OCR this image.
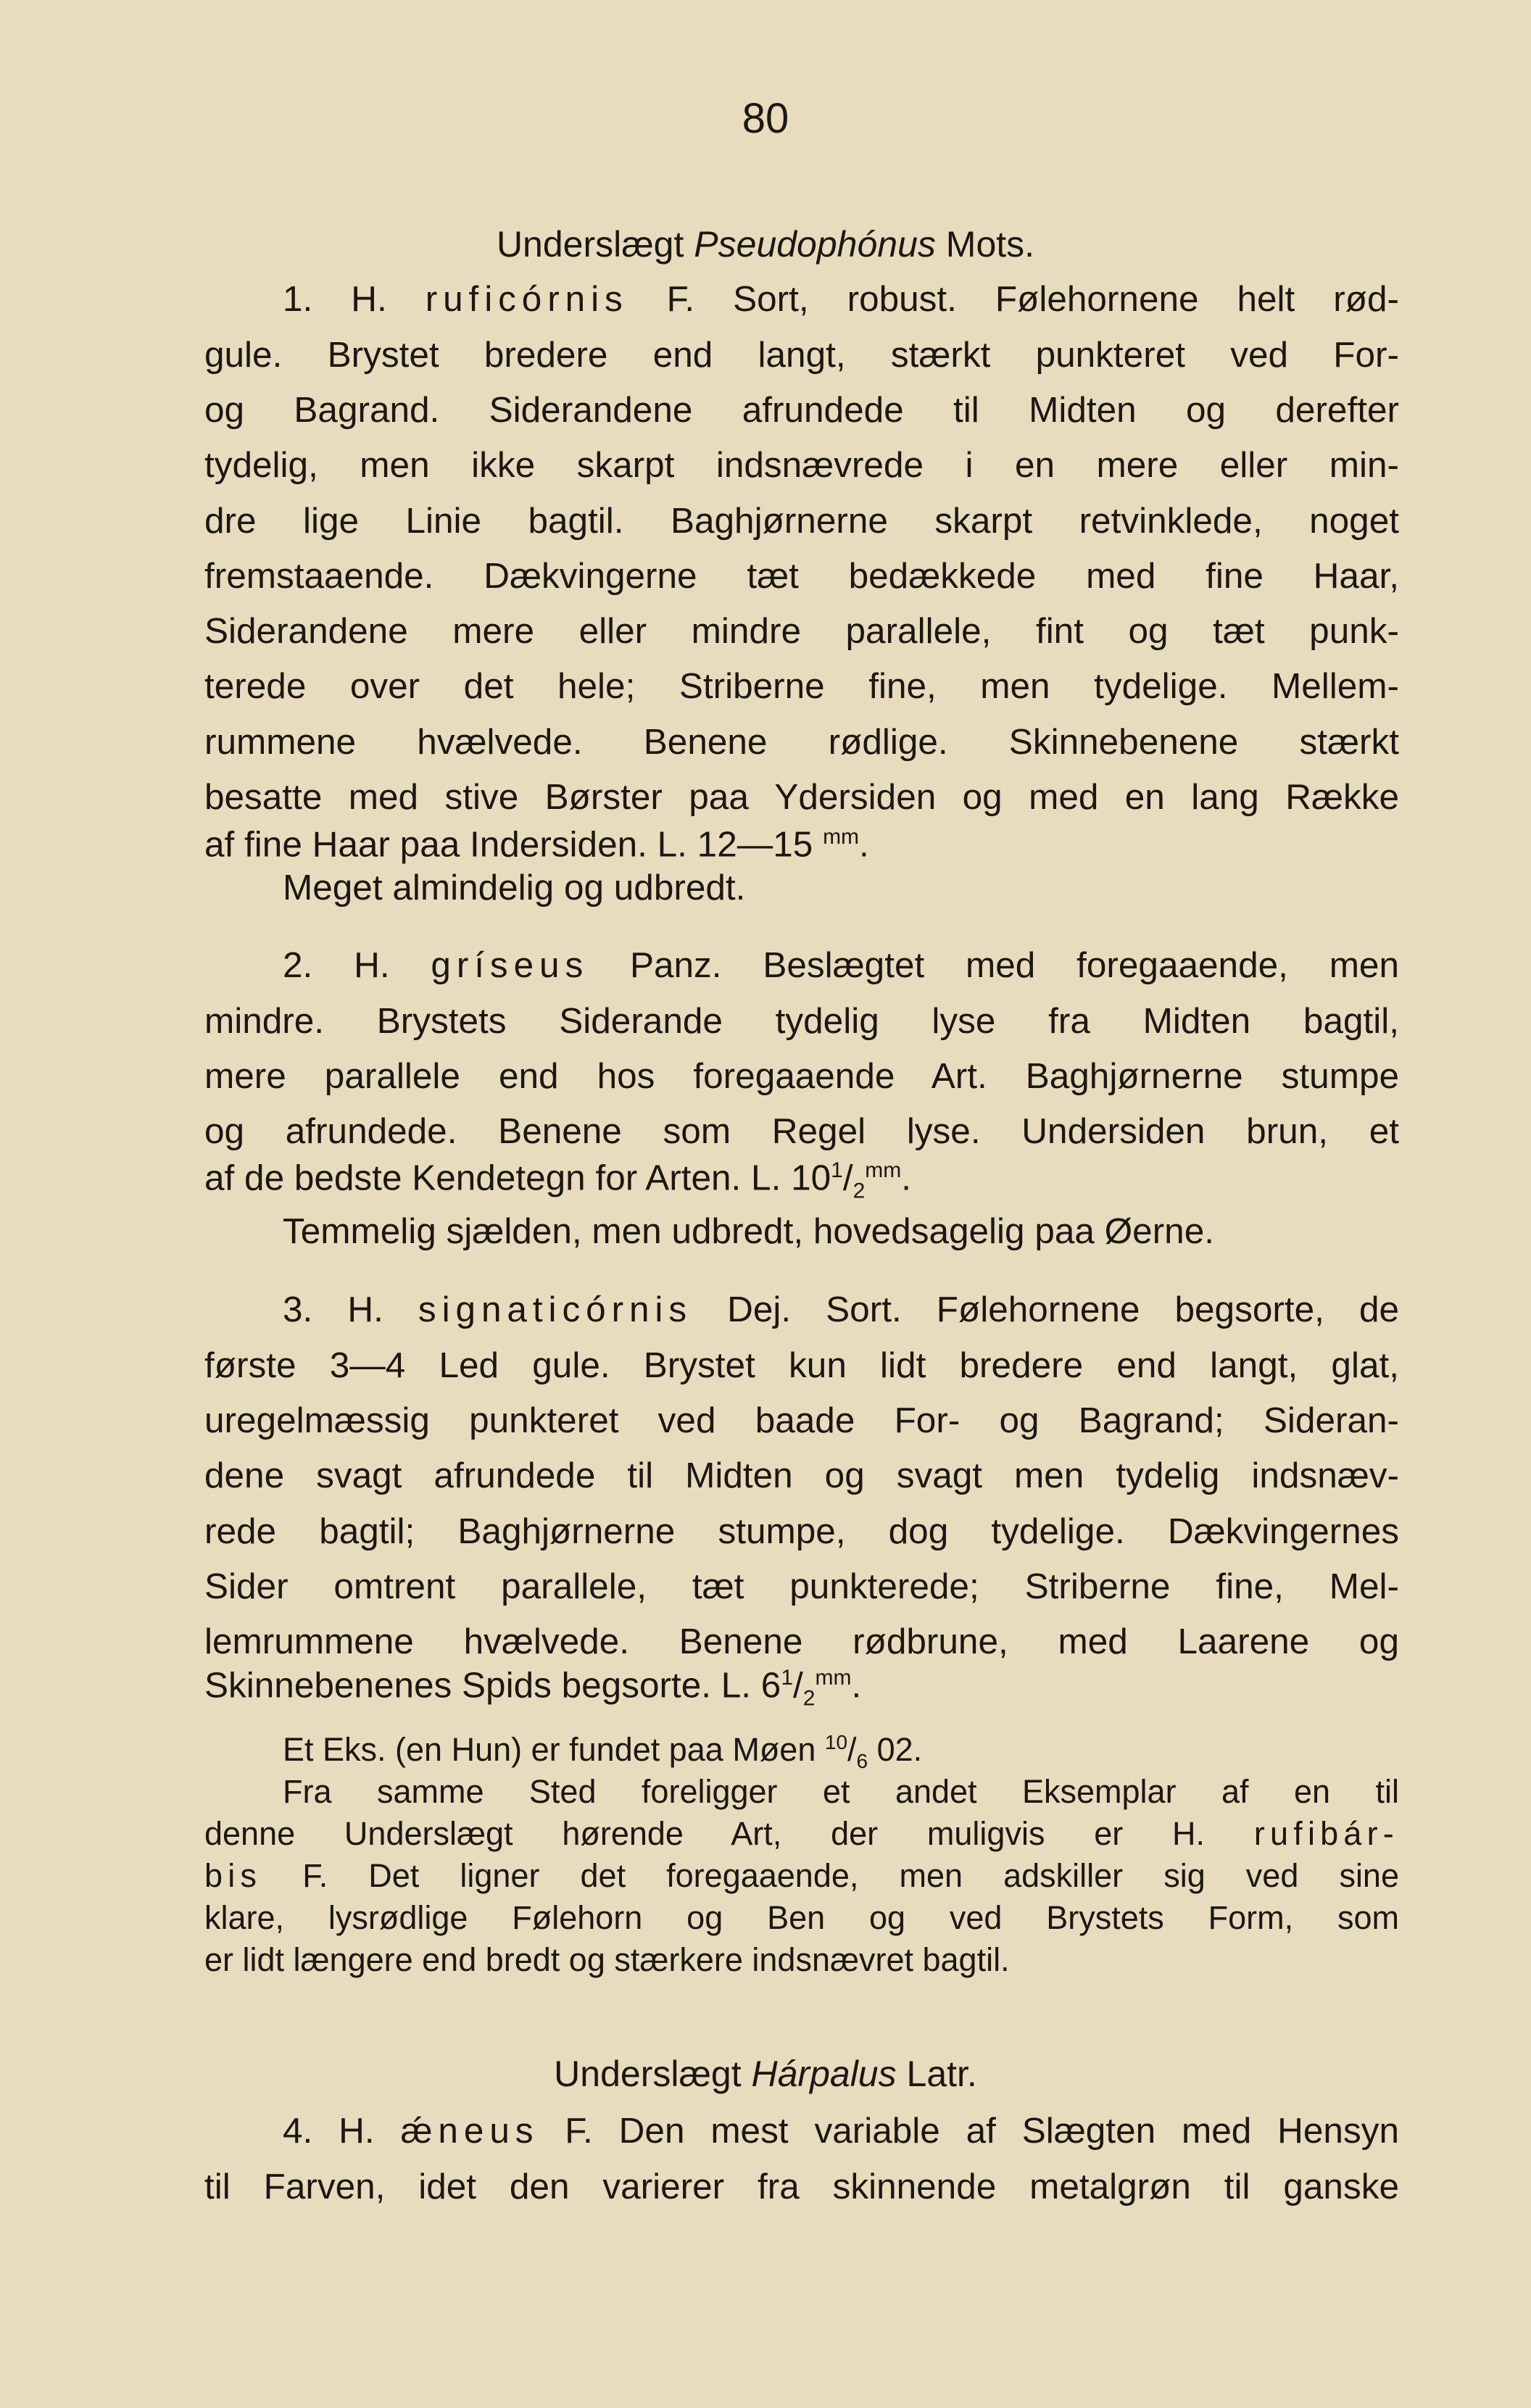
80
Underslægt Pseudophónus Mots.
1. H. ruficórnis F. Sort, robust. Følehornene helt rød-
gule. Brystet bredere end langt, stærkt punkteret ved For-
og Bagrand. Siderandene afrundede til Midten og derefter
tydelig, men ikke skarpt indsnævrede i en mere eller min-
dre lige Linie bagtil. Baghjørnerne skarpt retvinklede, noget
fremstaaende. Dækvingerne tæt bedækkede med fine Haar,
Siderandene mere eller mindre parallele, fint og tæt punk-
terede over det hele; Striberne fine, men tydelige. Mellem-
rummene hvælvede. Benene rødlige. Skinnebenene stærkt
besatte med stive Børster paa Ydersiden og med en lang Række
af fine Haar paa Indersiden. L. 12—15 $^{mm}$.
Meget almindelig og udbredt.
2. H. gríseus Panz. Beslægtet med foregaaende, men
mindre. Brystets Siderande tydelig lyse fra Midten bagtil,
mere parallele end hos foregaaende Art. Baghjørnerne stumpe
og afrundede. Benene som Regel lyse. Undersiden brun, et
af de bedste Kendetegn for Arten. L. $10^1/_2^{mm}$.
Temmelig sjælden, men udbredt, hovedsagelig paa Øerne.
3. H. signaticórnis Dej. Sort. Følehornene begsorte, de
første 3—4 Led gule. Brystet kun lidt bredere end langt, glat,
uregelmæssig punkteret ved baade For- og Bagrand; Sideran-
dene svagt afrundede til Midten og svagt men tydelig indsnæv-
rede bagtil; Baghjørnerne stumpe, dog tydelige. Dækvingernes
Sider omtrent parallele, tæt punkterede; Striberne fine, Mel-
lemrummene hvælvede. Benene rødbrune, med Laarene og
Skinnebenenes Spids begsorte. L. $6^1/_2^{mm}$.
Et Eks. (en Hun) er fundet paa Møen $^{10}/_6$ 02.
Fra samme Sted foreligger et andet Eksemplar af en til
denne Underslægt hørende Art, der muligvis er H. rufibár-
bis F. Det ligner det foregaaende, men adskiller sig ved sine
klare, lysrødlige Følehorn og Ben og ved Brystets Form, som
er lidt længere end bredt og stærkere indsnævret bagtil.
Underslægt Hárpalus Latr.
4. H. ǽneus F. Den mest variable af Slægten med Hensyn
til Farven, idet den varierer fra skinnende metalgrøn til ganske
